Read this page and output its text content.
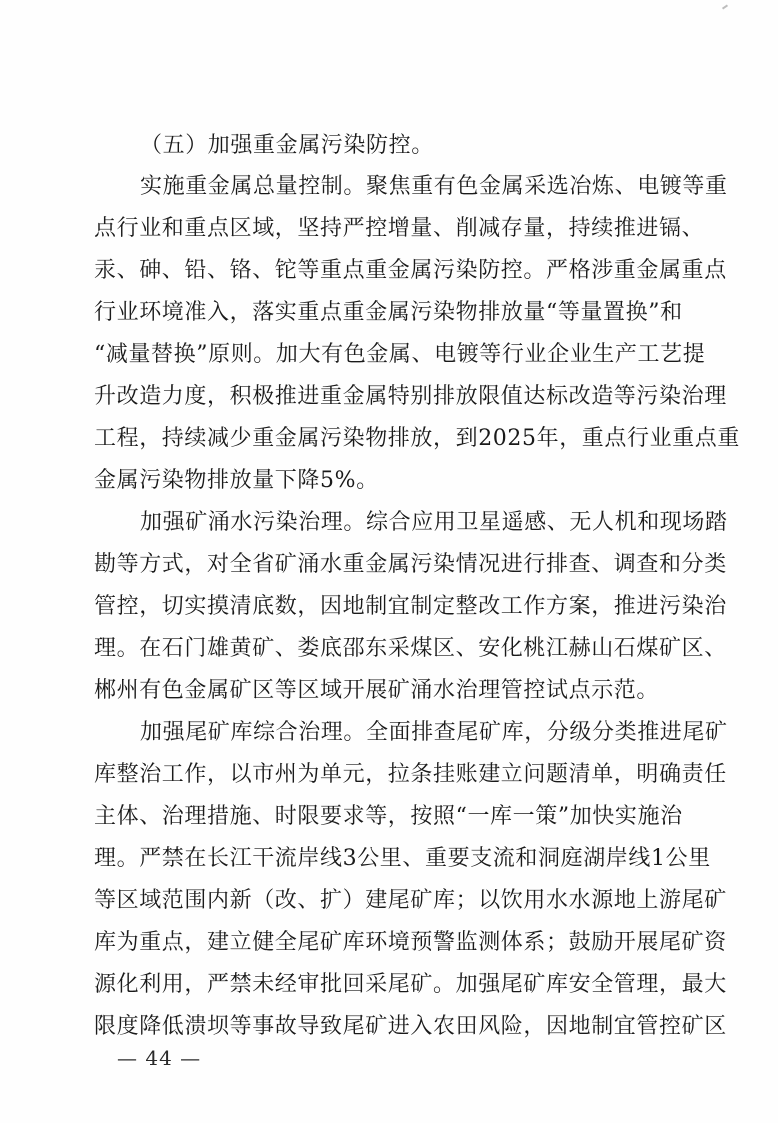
（五）加强重金属污染防控。
实施重金属总量控制。聚焦重有色金属采选冶炼、电镀等重
点行业和重点区域，坚持严控增量、削减存量，持续推进镉、
汞、砷、铅、铬、铊等重点重金属污染防控。严格涉重金属重点
行业环境准入，落实重点重金属污染物排放量“等量置换”和
“减量替换”原则。加大有色金属、电镀等行业企业生产工艺提
升改造力度，积极推进重金属特别排放限值达标改造等污染治理
工程，持续减少重金属污染物排放，到2025年，重点行业重点重
金属污染物排放量下降5%。
加强矿涌水污染治理。综合应用卫星遥感、无人机和现场踏
勘等方式，对全省矿涌水重金属污染情况进行排查、调查和分类
管控，切实摸清底数，因地制宜制定整改工作方案，推进污染治
理。在石门雄黄矿、娄底邵东采煤区、安化桃江赫山石煤矿区、
郴州有色金属矿区等区域开展矿涌水治理管控试点示范。
加强尾矿库综合治理。全面排查尾矿库，分级分类推进尾矿
库整治工作，以市州为单元，拉条挂账建立问题清单，明确责任
主体、治理措施、时限要求等，按照“一库一策”加快实施治
理。严禁在长江干流岸线3公里、重要支流和洞庭湖岸线1公里
等区域范围内新（改、扩）建尾矿库；以饮用水水源地上游尾矿
库为重点，建立健全尾矿库环境预警监测体系；鼓励开展尾矿资
源化利用，严禁未经审批回采尾矿。加强尾矿库安全管理，最大
限度降低溃坝等事故导致尾矿进入农田风险，因地制宜管控矿区
— 44 —
